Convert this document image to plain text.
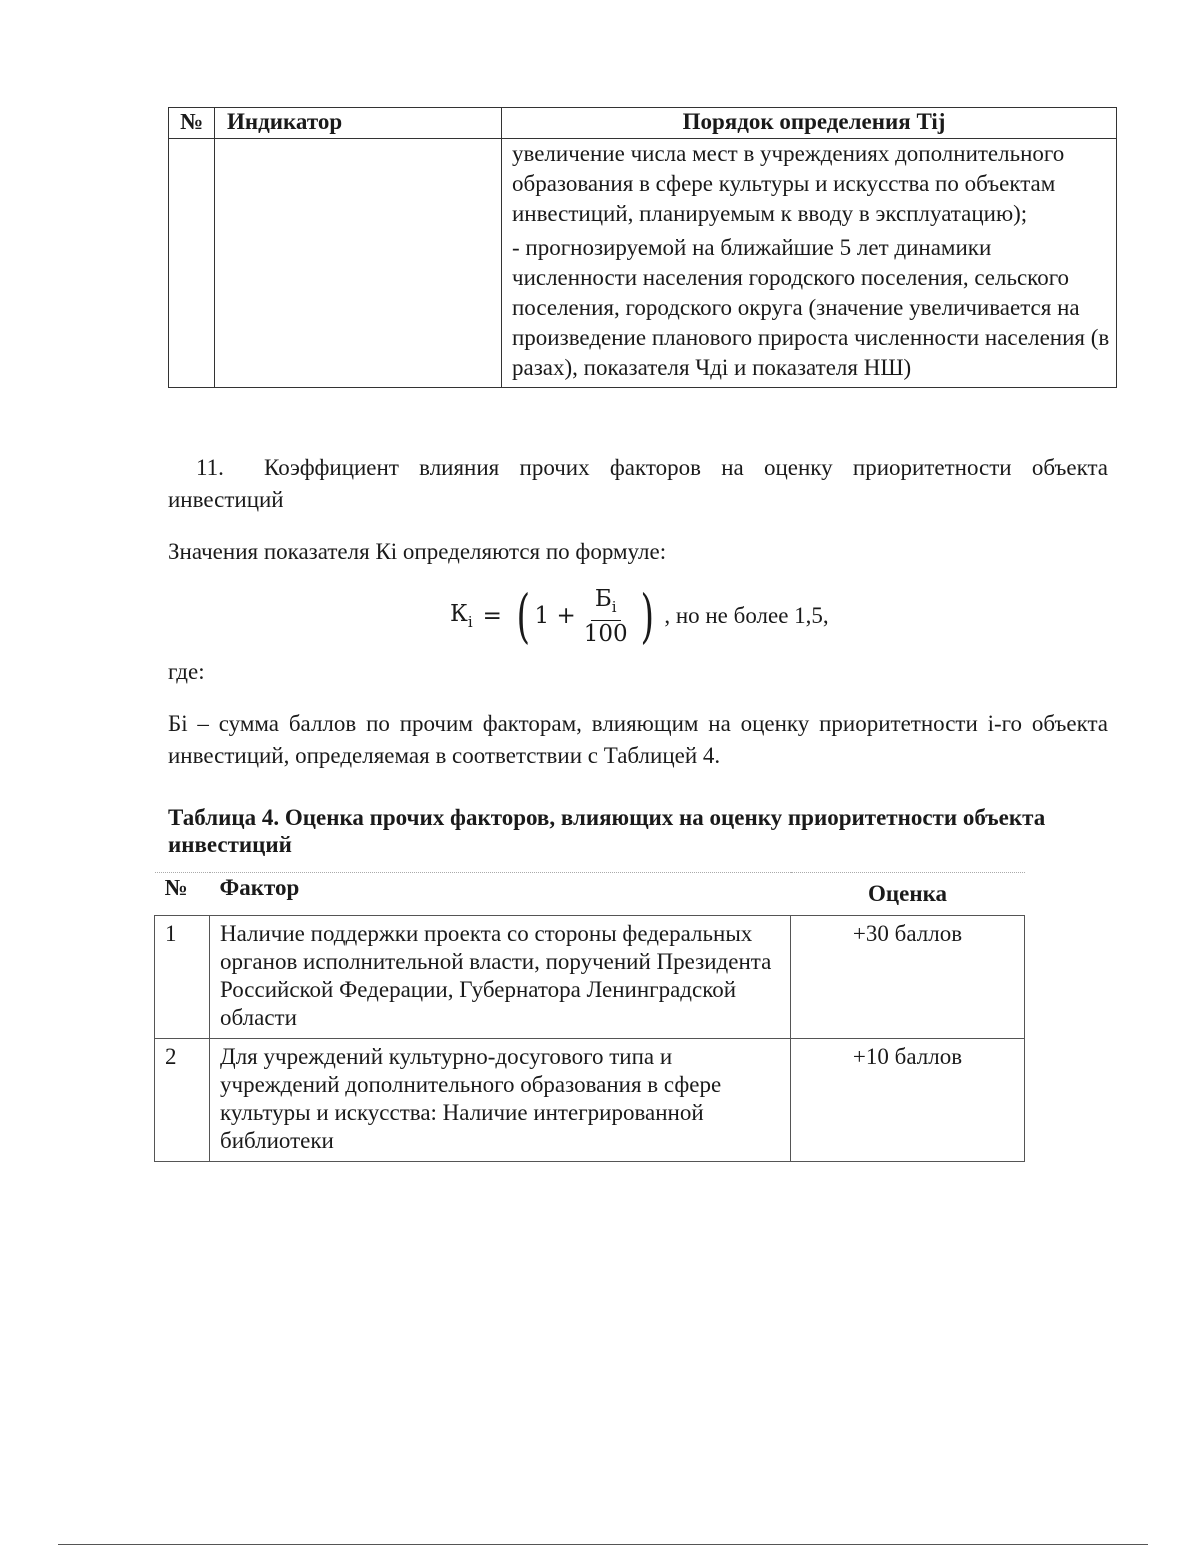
№	Индикатор	Порядок определения Tij

		увеличение числа мест в учреждениях дополнительного образования в сфере культуры и искусства по объектам инвестиций, планируемым к вводу в эксплуатацию);
- прогнозируемой на ближайшие 5 лет динамики численности населения городского поселения, сельского поселения, городского округа (значение увеличивается на произведение планового прироста численности населения (в разах), показателя Чдi и показателя НШ)
11. Коэффициент влияния прочих факторов на оценку приоритетности объекта инвестиций
Значения показателя Кi определяются по формуле:
$К_i$ = ( $1 + \frac{Б_i}{100}$ ) , но не более 1,5,
где:
Бi – сумма баллов по прочим факторам, влияющим на оценку приоритетности i-го объекта инвестиций, определяемая в соответствии с Таблицей 4.
Таблица 4. Оценка прочих факторов, влияющих на оценку приоритетности объекта инвестиций
№	Фактор	Оценка
1	Наличие поддержки проекта со стороны федеральных органов исполнительной власти, поручений Президента Российской Федерации, Губернатора Ленинградской области	+30 баллов
2	Для учреждений культурно-досугового типа и учреждений дополнительного образования в сфере культуры и искусства: Наличие интегрированной библиотеки	+10 баллов
